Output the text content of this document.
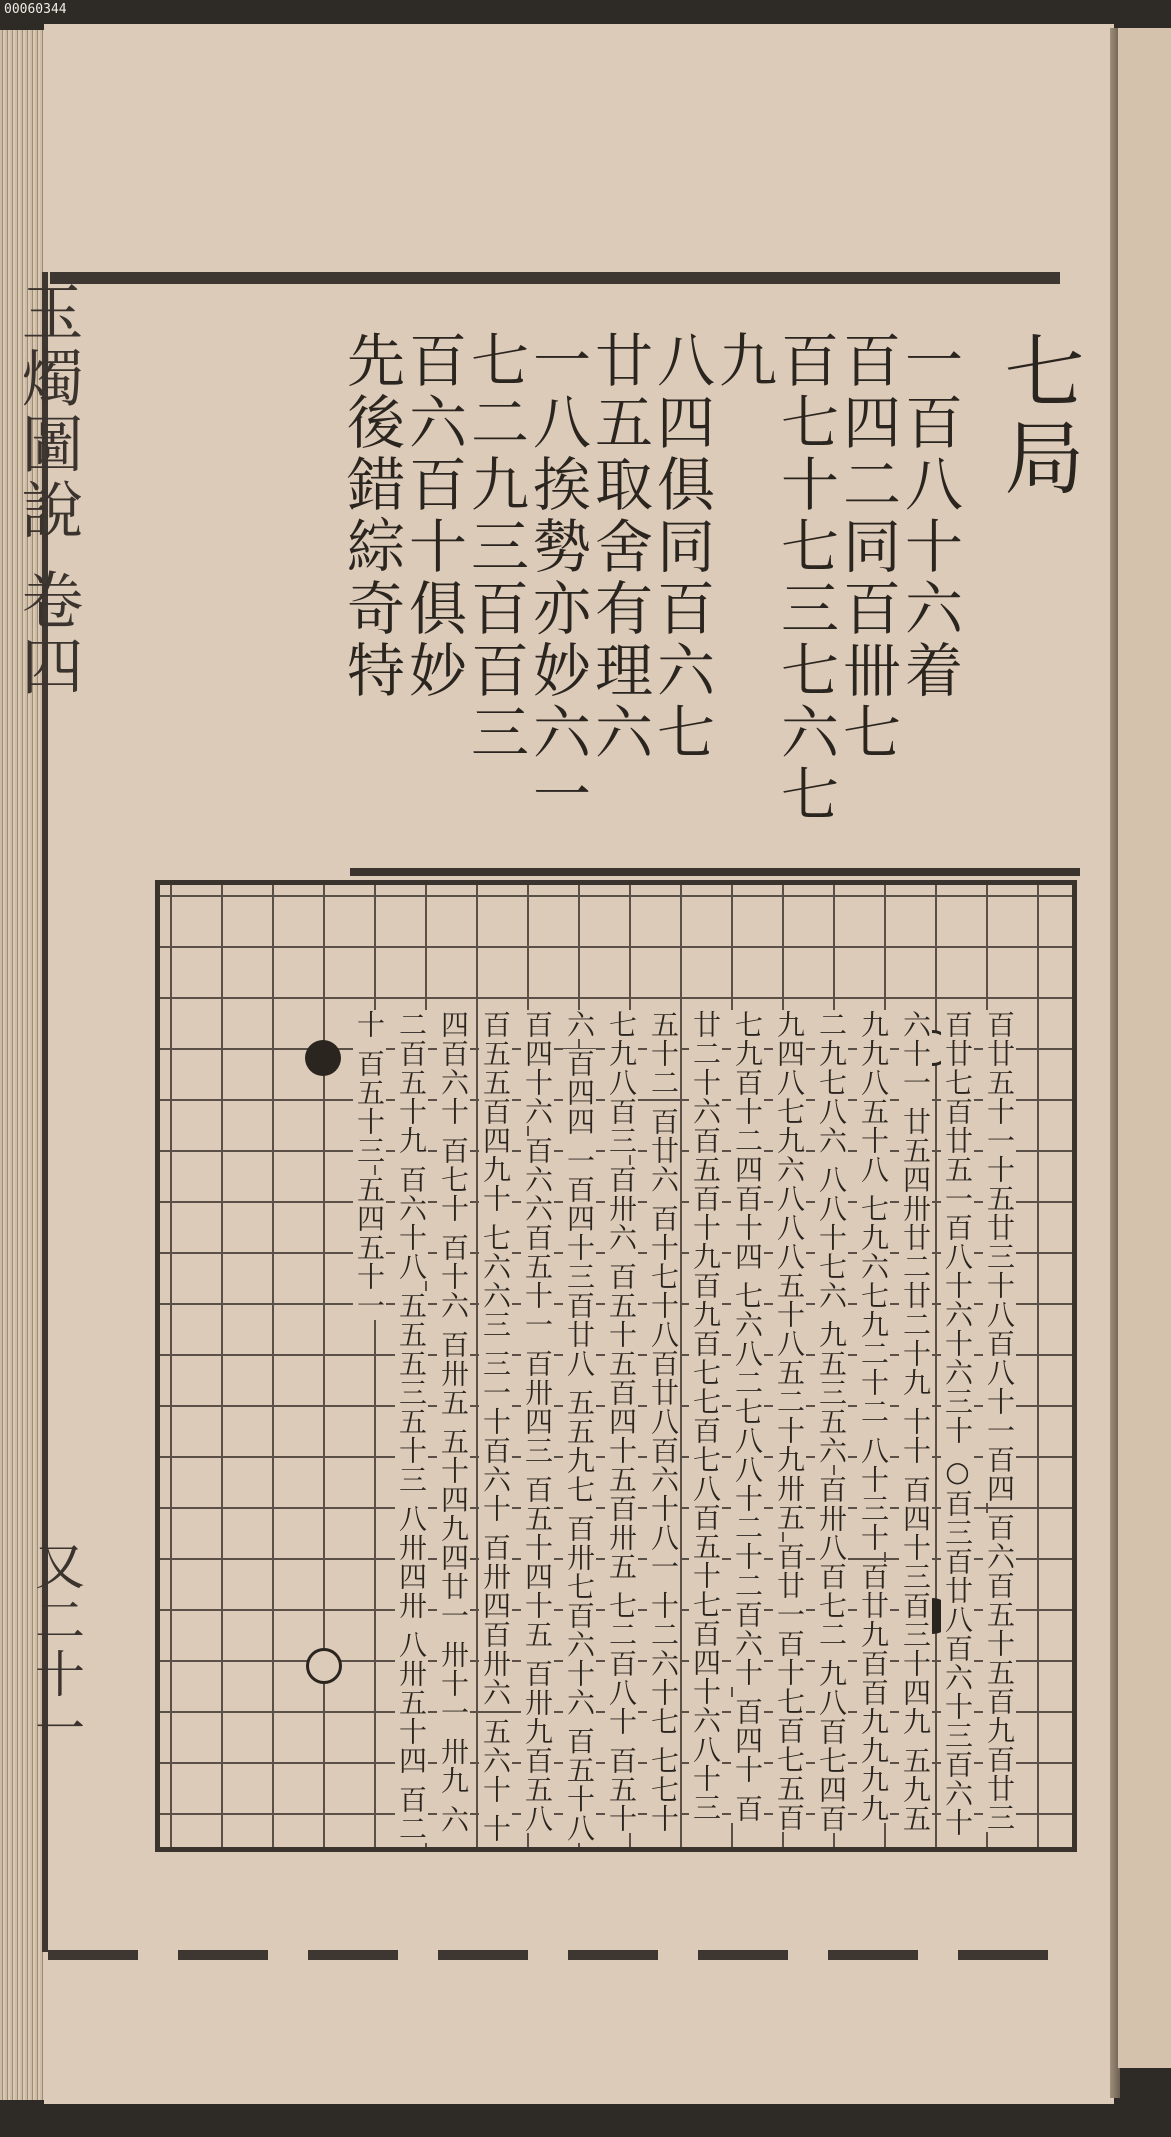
00060344
玉燭圖說 卷四
又二十一
七局
一百八十六着
百四二同百卌七
百七十七三七六七九
八四俱同百六七
廿五取舍有理六
一八挨勢亦妙六一
七二九三百百三
百六百十俱妙
先後錯綜奇特
百廿五十一十五廿三十八百八十一百四 百六百五十五百九百廿三百廿七百廿五一百八十六十六三十 ○百三百廿八百六十三百六十六十一 廿五四卅廿二廿二十九 十十 百四十三百三十四九 五九五九九八五十八 七九六七九二十二 八十三十 百廿九百百九九九九二九七八六 八八十七六 九五三五六 百卅八百七二 九八百七四百九四八七九六八八八五十八五二十九卅五 百廿一百十七百七五百七九百十二四百十四 七六八二七八八十二十二百六十 百四十 百廿二十六百五百十九百九百七七百七八百五十七百四十六八十三五十二 百廿六 百十七十八百廿八百六十八一 十二六十七 七七十七九八百三 百卅六 百五十五百四十五百卅五 七二百八十 百五十六 百四四 一百四十三百廿八 五五九七 百卅七百六十六 百五十八百四十六 百六六百五十一 百卅四三 百五十四十五 百卅九百五八 百五五百四九十 七六六三 三一十百六十 百卅四百卅六 五六十 十四百六十 百七十 百十六 百卅五 五十四九四廿一 卅十一 卅九 六二百五十九 百六十八 五五五三五十三 八卅四卅 八卅五十四 百二十 百五十三 五四五十一
